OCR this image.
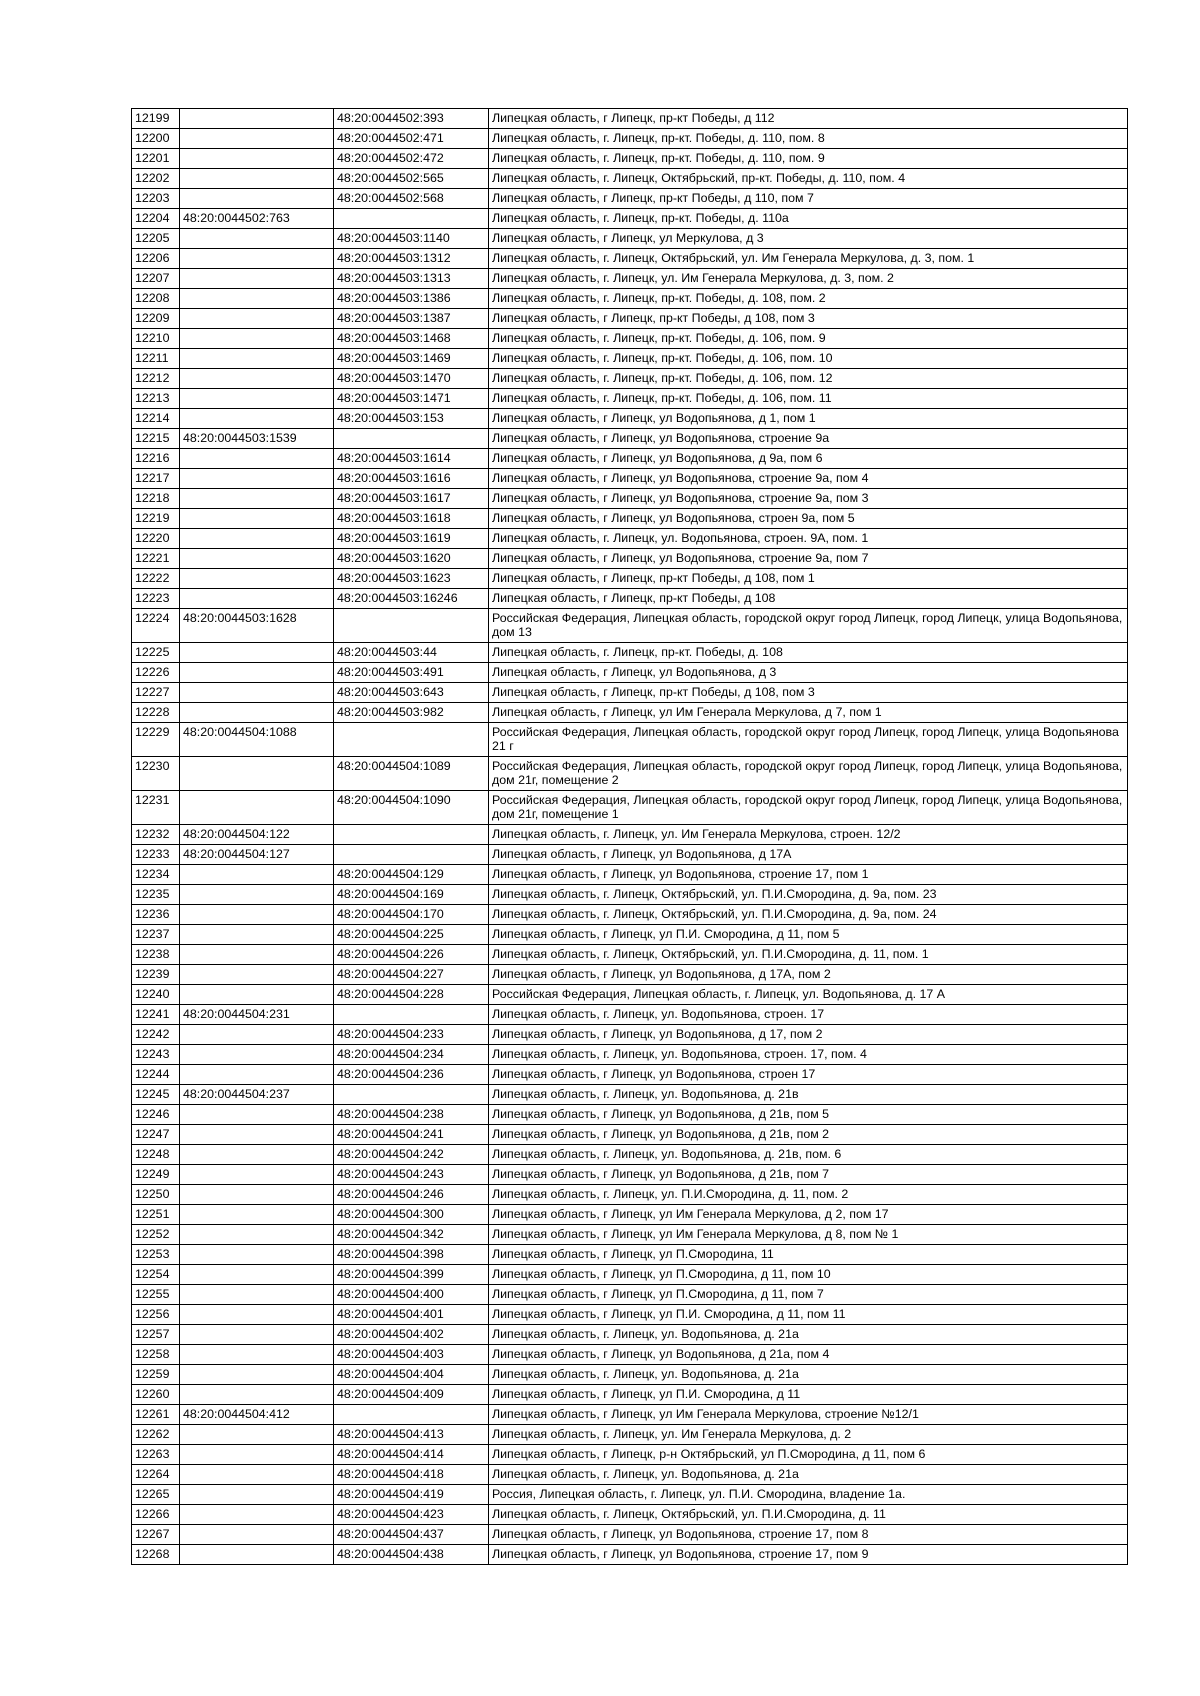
12199		48:20:0044502:393	Липецкая область, г Липецк, пр-кт Победы, д 112
12200		48:20:0044502:471	Липецкая область, г. Липецк, пр-кт. Победы, д. 110, пом. 8
12201		48:20:0044502:472	Липецкая область, г. Липецк, пр-кт. Победы, д. 110, пом. 9
12202		48:20:0044502:565	Липецкая область, г. Липецк, Октябрьский, пр-кт. Победы, д. 110, пом. 4
12203		48:20:0044502:568	Липецкая область, г Липецк, пр-кт Победы, д 110, пом 7
12204	48:20:0044502:763		Липецкая область, г. Липецк, пр-кт. Победы, д. 110а
12205		48:20:0044503:1140	Липецкая область, г Липецк, ул Меркулова, д 3
12206		48:20:0044503:1312	Липецкая область, г. Липецк, Октябрьский, ул. Им Генерала Меркулова, д. 3, пом. 1
12207		48:20:0044503:1313	Липецкая область, г. Липецк, ул. Им Генерала Меркулова, д. 3, пом. 2
12208		48:20:0044503:1386	Липецкая область, г. Липецк, пр-кт. Победы, д. 108, пом. 2
12209		48:20:0044503:1387	Липецкая область, г Липецк, пр-кт Победы, д 108, пом 3
12210		48:20:0044503:1468	Липецкая область, г. Липецк, пр-кт. Победы, д. 106, пом. 9
12211		48:20:0044503:1469	Липецкая область, г. Липецк, пр-кт. Победы, д. 106, пом. 10
12212		48:20:0044503:1470	Липецкая область, г. Липецк, пр-кт. Победы, д. 106, пом. 12
12213		48:20:0044503:1471	Липецкая область, г. Липецк, пр-кт. Победы, д. 106, пом. 11
12214		48:20:0044503:153	Липецкая область, г Липецк, ул Водопьянова, д 1, пом 1
12215	48:20:0044503:1539		Липецкая область, г Липецк, ул Водопьянова, строение 9а
12216		48:20:0044503:1614	Липецкая область, г Липецк, ул Водопьянова, д 9а, пом 6
12217		48:20:0044503:1616	Липецкая область, г Липецк, ул Водопьянова, строение 9а, пом 4
12218		48:20:0044503:1617	Липецкая область, г Липецк, ул Водопьянова, строение 9а, пом 3
12219		48:20:0044503:1618	Липецкая область, г Липецк, ул Водопьянова, строен 9а, пом 5
12220		48:20:0044503:1619	Липецкая область, г. Липецк, ул. Водопьянова, строен. 9А, пом. 1
12221		48:20:0044503:1620	Липецкая область, г Липецк, ул Водопьянова, строение 9а, пом 7
12222		48:20:0044503:1623	Липецкая область, г Липецк, пр-кт Победы, д 108, пом 1
12223		48:20:0044503:16246	Липецкая область, г Липецк, пр-кт Победы, д 108
12224	48:20:0044503:1628		Российская Федерация, Липецкая область, городской округ город Липецк, город Липецк, улица Водопьянова, дом 13
12225		48:20:0044503:44	Липецкая область, г. Липецк, пр-кт. Победы, д. 108
12226		48:20:0044503:491	Липецкая область, г Липецк, ул Водопьянова, д 3
12227		48:20:0044503:643	Липецкая область, г Липецк, пр-кт Победы, д 108, пом 3
12228		48:20:0044503:982	Липецкая область, г Липецк, ул Им Генерала Меркулова, д 7, пом 1
12229	48:20:0044504:1088		Российская Федерация, Липецкая область, городской округ город Липецк, город Липецк, улица Водопьянова 21 г
12230		48:20:0044504:1089	Российская Федерация, Липецкая область, городской округ город Липецк, город Липецк, улица Водопьянова, дом 21г, помещение 2
12231		48:20:0044504:1090	Российская Федерация, Липецкая область, городской округ город Липецк, город Липецк, улица Водопьянова, дом 21г, помещение 1
12232	48:20:0044504:122		Липецкая область, г. Липецк, ул. Им Генерала Меркулова, строен. 12/2
12233	48:20:0044504:127		Липецкая область, г Липецк, ул Водопьянова, д 17А
12234		48:20:0044504:129	Липецкая область, г Липецк, ул Водопьянова, строение 17, пом 1
12235		48:20:0044504:169	Липецкая область, г. Липецк, Октябрьский, ул. П.И.Смородина, д. 9а, пом. 23
12236		48:20:0044504:170	Липецкая область, г. Липецк, Октябрьский, ул. П.И.Смородина, д. 9а, пом. 24
12237		48:20:0044504:225	Липецкая область, г Липецк, ул П.И. Смородина, д 11, пом 5
12238		48:20:0044504:226	Липецкая область, г. Липецк, Октябрьский, ул. П.И.Смородина, д. 11, пом. 1
12239		48:20:0044504:227	Липецкая область, г Липецк, ул Водопьянова, д 17А, пом 2
12240		48:20:0044504:228	Российская Федерация, Липецкая область, г. Липецк, ул. Водопьянова, д. 17 А
12241	48:20:0044504:231		Липецкая область, г. Липецк, ул. Водопьянова, строен. 17
12242		48:20:0044504:233	Липецкая область, г Липецк, ул Водопьянова, д 17, пом 2
12243		48:20:0044504:234	Липецкая область, г. Липецк, ул. Водопьянова, строен. 17, пом. 4
12244		48:20:0044504:236	Липецкая область, г Липецк, ул Водопьянова, строен 17
12245	48:20:0044504:237		Липецкая область, г. Липецк, ул. Водопьянова, д. 21в
12246		48:20:0044504:238	Липецкая область, г Липецк, ул Водопьянова, д 21в, пом 5
12247		48:20:0044504:241	Липецкая область, г Липецк, ул Водопьянова, д 21в, пом 2
12248		48:20:0044504:242	Липецкая область, г. Липецк, ул. Водопьянова, д. 21в, пом. 6
12249		48:20:0044504:243	Липецкая область, г Липецк, ул Водопьянова, д 21в, пом 7
12250		48:20:0044504:246	Липецкая область, г. Липецк, ул. П.И.Смородина, д. 11, пом. 2
12251		48:20:0044504:300	Липецкая область, г Липецк, ул Им Генерала Меркулова, д 2, пом 17
12252		48:20:0044504:342	Липецкая область, г Липецк, ул Им Генерала Меркулова, д 8, пом № 1
12253		48:20:0044504:398	Липецкая область, г Липецк, ул П.Смородина, 11
12254		48:20:0044504:399	Липецкая область, г Липецк, ул П.Смородина, д 11, пом 10
12255		48:20:0044504:400	Липецкая область, г Липецк, ул П.Смородина, д 11, пом 7
12256		48:20:0044504:401	Липецкая область, г Липецк, ул П.И. Смородина, д 11, пом 11
12257		48:20:0044504:402	Липецкая область, г. Липецк, ул. Водопьянова, д. 21а
12258		48:20:0044504:403	Липецкая область, г Липецк, ул Водопьянова, д 21а, пом 4
12259		48:20:0044504:404	Липецкая область, г. Липецк, ул. Водопьянова, д. 21а
12260		48:20:0044504:409	Липецкая область, г Липецк, ул П.И. Смородина, д 11
12261	48:20:0044504:412		Липецкая область, г Липецк, ул Им Генерала Меркулова, строение №12/1
12262		48:20:0044504:413	Липецкая область, г. Липецк, ул. Им Генерала Меркулова, д. 2
12263		48:20:0044504:414	Липецкая область, г Липецк, р-н Октябрьский, ул П.Смородина, д 11, пом 6
12264		48:20:0044504:418	Липецкая область, г. Липецк, ул. Водопьянова, д. 21а
12265		48:20:0044504:419	Россия, Липецкая область, г. Липецк, ул. П.И. Смородина, владение 1а.
12266		48:20:0044504:423	Липецкая область, г. Липецк, Октябрьский, ул. П.И.Смородина, д. 11
12267		48:20:0044504:437	Липецкая область, г Липецк, ул Водопьянова, строение 17, пом 8
12268		48:20:0044504:438	Липецкая область, г Липецк, ул Водопьянова, строение 17, пом 9
